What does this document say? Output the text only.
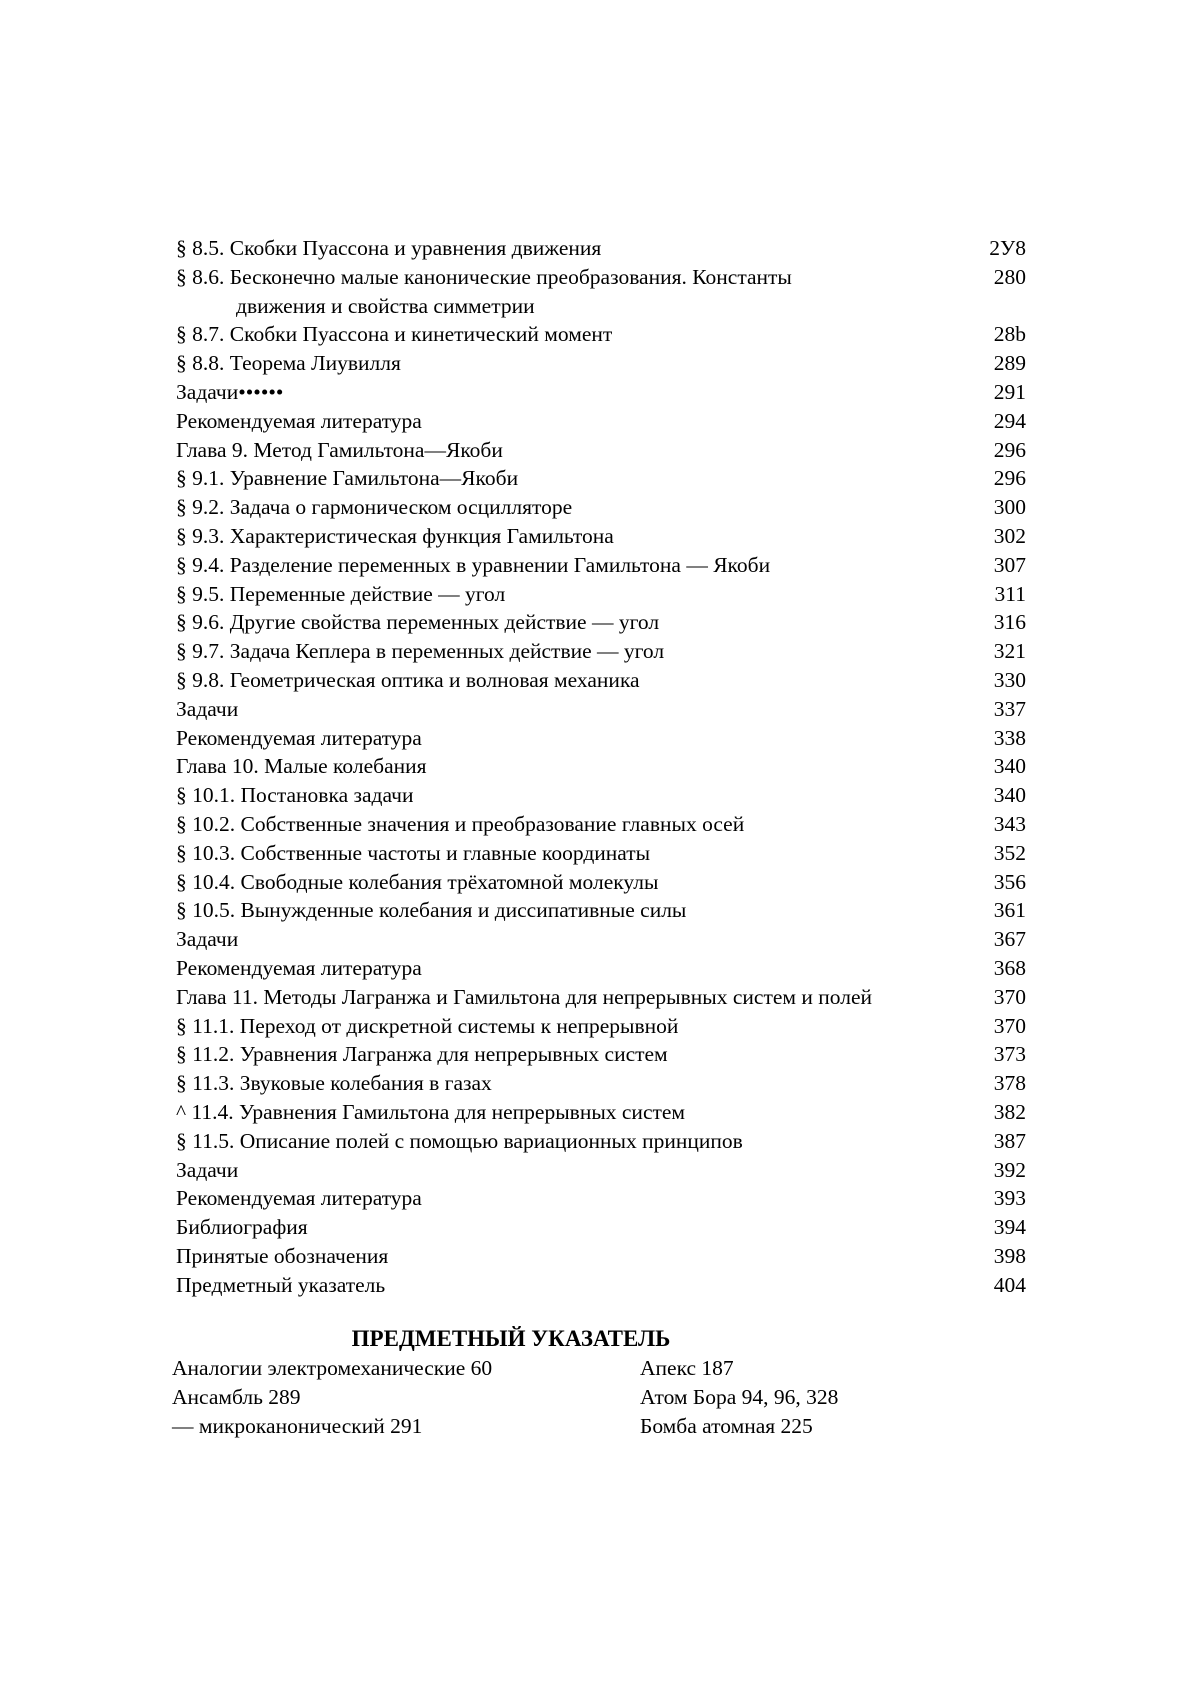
§ 8.5. Скобки Пуассона и уравнения движения	2У8
§ 8.6. Бесконечно малые канонические преобразования. Константы	280
движения и свойства симметрии
§ 8.7. Скобки Пуассона и кинетический момент	28b
§ 8.8. Теорема Лиувилля	289
Задачи••••••	291
Рекомендуемая литература	294
Глава 9. Метод Гамильтона—Якоби	296
§ 9.1. Уравнение Гамильтона—Якоби	296
§ 9.2. Задача о гармоническом осцилляторе	300
§ 9.3. Характеристическая функция Гамильтона	302
§ 9.4. Разделение переменных в уравнении Гамильтона — Якоби	307
§ 9.5. Переменные действие — угол	311
§ 9.6. Другие свойства переменных действие — угол	316
§ 9.7. Задача Кеплера в переменных действие — угол	321
§ 9.8. Геометрическая оптика и волновая механика	330
Задачи	337
Рекомендуемая литература	338
Глава 10. Малые колебания	340
§ 10.1. Постановка задачи	340
§ 10.2. Собственные значения и преобразование главных осей	343
§ 10.3. Собственные частоты и главные координаты	352
§ 10.4. Свободные колебания трёхатомной молекулы	356
§ 10.5. Вынужденные колебания и диссипативные силы	361
Задачи	367
Рекомендуемая литература	368
Глава 11. Методы Лагранжа и Гамильтона для непрерывных систем и полей	370
§ 11.1. Переход от дискретной системы к непрерывной	370
§ 11.2. Уравнения Лагранжа для непрерывных систем	373
§ 11.3. Звуковые колебания в газах	378
^ 11.4. Уравнения Гамильтона для непрерывных систем	382
§ 11.5. Описание полей с помощью вариационных принципов	387
Задачи	392
Рекомендуемая литература	393
Библиография	394
Принятые обозначения	398
Предметный указатель	404
ПРЕДМЕТНЫЙ УКАЗАТЕЛЬ
Аналогии электромеханические 60
Ансамбль 289
— микроканонический 291
Апекс 187
Атом Бора 94, 96, 328
Бомба атомная 225
